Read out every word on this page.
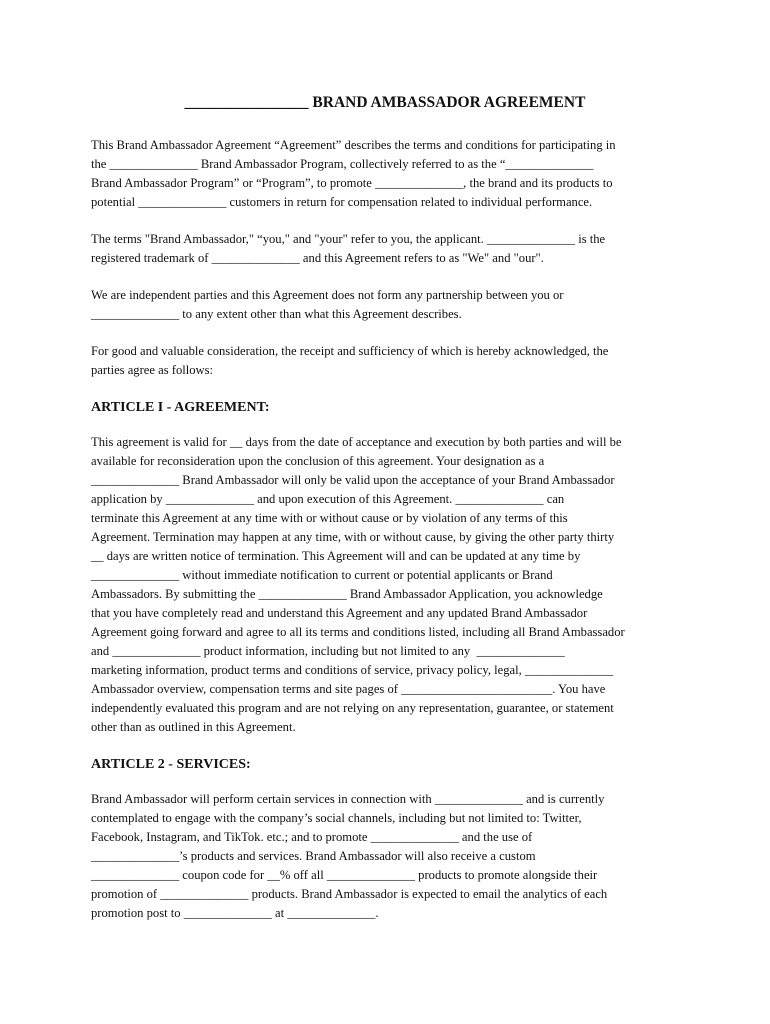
________________ BRAND AMBASSADOR AGREEMENT

This Brand Ambassador Agreement “Agreement” describes the terms and conditions for participating in
the ______________ Brand Ambassador Program, collectively referred to as the “______________
Brand Ambassador Program” or “Program”, to promote ______________, the brand and its products to
potential ______________ customers in return for compensation related to individual performance.

The terms "Brand Ambassador," “you," and "your" refer to you, the applicant. ______________ is the
registered trademark of ______________ and this Agreement refers to as "We" and "our".

We are independent parties and this Agreement does not form any partnership between you or
______________ to any extent other than what this Agreement describes.

For good and valuable consideration, the receipt and sufficiency of which is hereby acknowledged, the
parties agree as follows:

ARTICLE I - AGREEMENT:

This agreement is valid for __ days from the date of acceptance and execution by both parties and will be
available for reconsideration upon the conclusion of this agreement. Your designation as a
______________ Brand Ambassador will only be valid upon the acceptance of your Brand Ambassador
application by ______________ and upon execution of this Agreement. ______________ can
terminate this Agreement at any time with or without cause or by violation of any terms of this
Agreement. Termination may happen at any time, with or without cause, by giving the other party thirty
__ days are written notice of termination. This Agreement will and can be updated at any time by
______________ without immediate notification to current or potential applicants or Brand
Ambassadors. By submitting the ______________ Brand Ambassador Application, you acknowledge
that you have completely read and understand this Agreement and any updated Brand Ambassador
Agreement going forward and agree to all its terms and conditions listed, including all Brand Ambassador
and ______________ product information, including but not limited to any  ______________
marketing information, product terms and conditions of service, privacy policy, legal, ______________
Ambassador overview, compensation terms and site pages of ________________________. You have
independently evaluated this program and are not relying on any representation, guarantee, or statement
other than as outlined in this Agreement.

ARTICLE 2 - SERVICES:

Brand Ambassador will perform certain services in connection with ______________ and is currently
contemplated to engage with the company’s social channels, including but not limited to: Twitter,
Facebook, Instagram, and TikTok. etc.; and to promote ______________ and the use of
______________’s products and services. Brand Ambassador will also receive a custom
______________ coupon code for __% off all ______________ products to promote alongside their
promotion of ______________ products. Brand Ambassador is expected to email the analytics of each
promotion post to ______________ at ______________.
